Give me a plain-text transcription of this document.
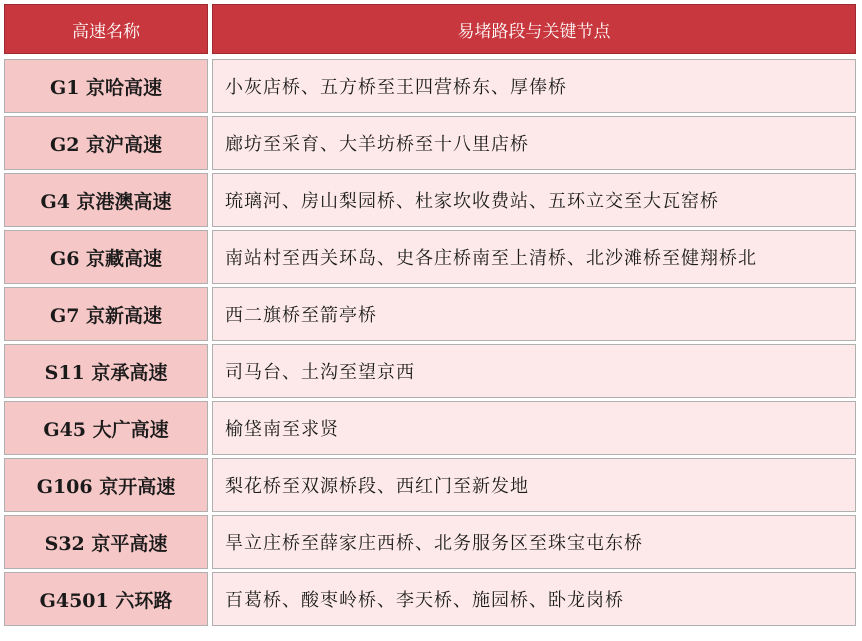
高速名称	易堵路段与关键节点
G1 京哈高速	小灰店桥、五方桥至王四营桥东、厚俸桥
G2 京沪高速	廊坊至采育、大羊坊桥至十八里店桥
G4 京港澳高速	琉璃河、房山梨园桥、杜家坎收费站、五环立交至大瓦窑桥
G6 京藏高速	南站村至西关环岛、史各庄桥南至上清桥、北沙滩桥至健翔桥北
G7 京新高速	西二旗桥至箭亭桥
S11 京承高速	司马台、土沟至望京西
G45 大广高速	榆垡南至求贤
G106 京开高速	梨花桥至双源桥段、西红门至新发地
S32 京平高速	旱立庄桥至薛家庄西桥、北务服务区至珠宝屯东桥
G4501 六环路	百葛桥、酸枣岭桥、李天桥、施园桥、卧龙岗桥
